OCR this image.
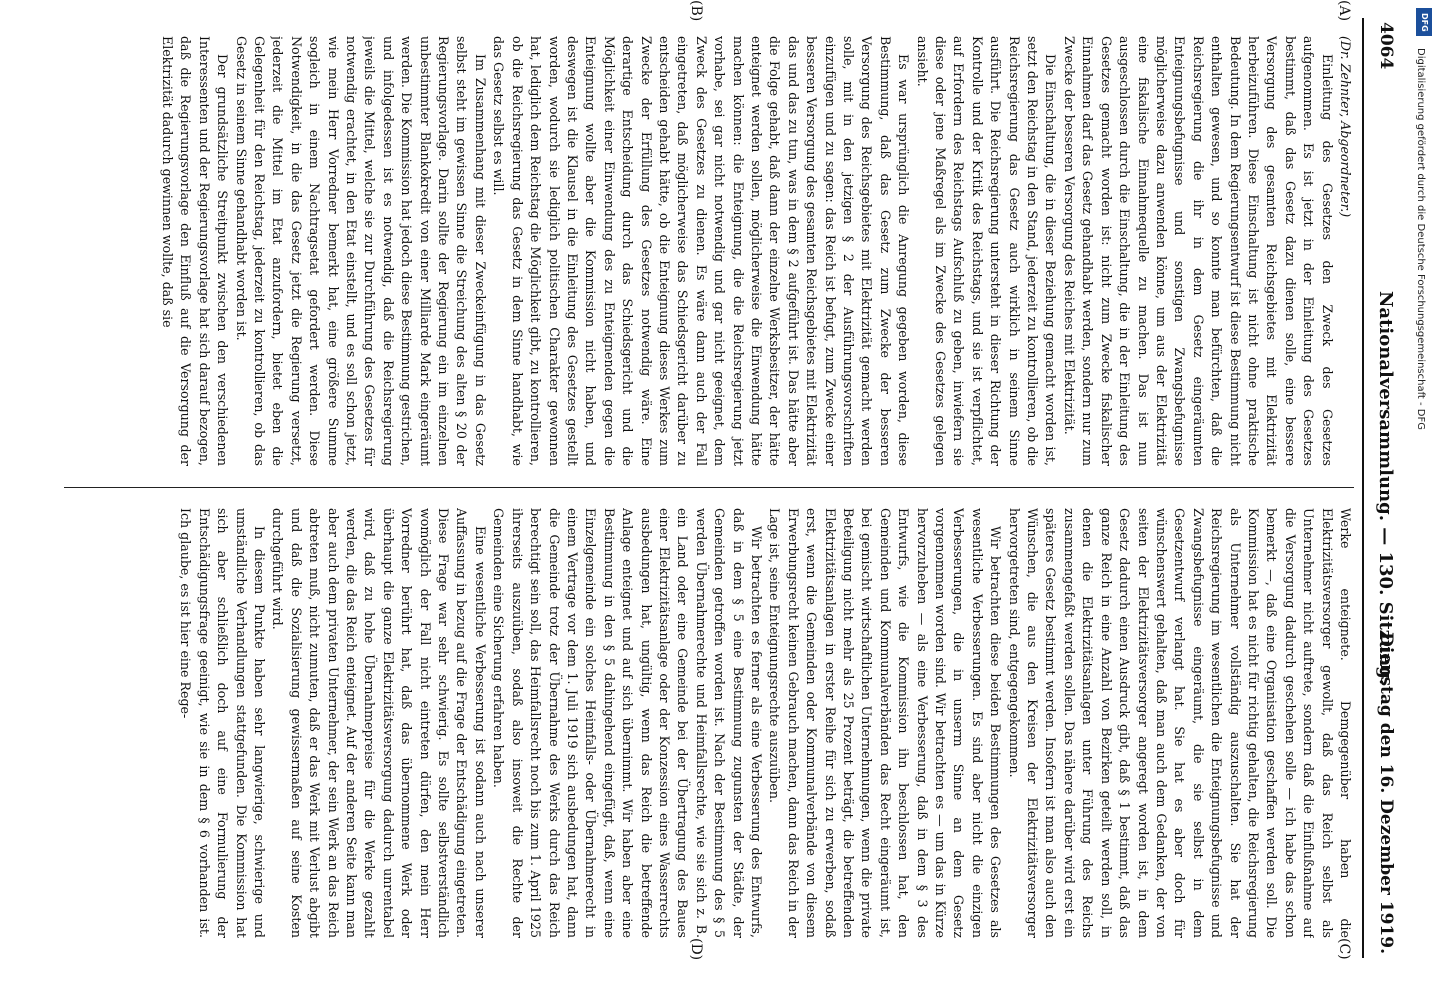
4064
Nationalversammlung. — 130. Sitzung.
Dienstag den 16. Dezember 1919.
(A)
(B)
(C)
(D)

(Dr. Zehnter, Abgeordneter.)

Einleitung des Gesetzes den Zweck des Gesetzes aufgenommen. Es ist jetzt in der Einleitung des Gesetzes bestimmt, daß das Gesetz dazu dienen solle, eine bessere Versorgung des gesamten Reichsgebietes mit Elektrizität herbeizuführen. Diese Einschaltung ist nicht ohne praktische Bedeutung. In dem Regierungsentwurf ist diese Bestimmung nicht enthalten gewesen, und so konnte man befürchten, daß die Reichsregierung die ihr in dem Gesetz eingeräumten Enteignungsbefugnisse und sonstigen Zwangsbefugnisse möglicherweise dazu anwenden könne, um aus der Elektrizität eine fiskalische Einnahmequelle zu machen. Das ist nun ausgeschlossen durch die Einschaltung, die in der Einleitung des Gesetzes gemacht worden ist: nicht zum Zwecke fiskalischer Einnahmen darf das Gesetz gehandhabt werden, sondern nur zum Zwecke der besseren Versorgung des Reiches mit Elektrizität.

Die Einschaltung, die in dieser Beziehung gemacht worden ist, setzt den Reichstag in den Stand, jederzeit zu kontrollieren, ob die Reichsregierung das Gesetz auch wirklich in seinem Sinne ausführt. Die Reichsregierung untersteht in dieser Richtung der Kontrolle und der Kritik des Reichstags, und sie ist verpflichtet, auf Erfordern des Reichstags Aufschluß zu geben, inwiefern sie diese oder jene Maßregel als im Zwecke des Gesetzes gelegen ansieht.

Es war ursprünglich die Anregung gegeben worden, diese Bestimmung, daß das Gesetz zum Zwecke der besseren Versorgung des Reichsgebietes mit Elektrizität gemacht werden solle, mit in den jetzigen § 2 der Ausführungsvorschriften einzufügen und zu sagen: das Reich ist befugt, zum Zwecke einer besseren Versorgung des gesamten Reichsgebietes mit Elektrizität das und das zu tun, was in dem § 2 aufgeführt ist. Das hätte aber die Folge gehabt, daß dann der einzelne Werksbesitzer, der hätte enteignet werden sollen, möglicherweise die Einwendung hätte machen können: die Enteignung, die die Reichsregierung jetzt vorhabe, sei gar nicht notwendig und gar nicht geeignet, dem Zweck des Gesetzes zu dienen. Es wäre dann auch der Fall eingetreten, daß möglicherweise das Schiedsgericht darüber zu entscheiden gehabt hätte, ob die Enteignung dieses Werkes zum Zwecke der Erfüllung des Gesetzes notwendig wäre. Eine derartige Entscheidung durch das Schiedsgericht und die Möglichkeit einer Einwendung des zu Enteignenden gegen die Enteignung wollte aber die Kommission nicht haben, und deswegen ist die Klausel in die Einleitung des Gesetzes gestellt worden, wodurch sie lediglich politischen Charakter gewonnen hat, lediglich dem Reichstag die Möglichkeit gibt, zu kontrollieren, ob die Reichsregierung das Gesetz in dem Sinne handhabt, wie das Gesetz selbst es will.

Im Zusammenhang mit dieser Zweckeinfügung in das Gesetz selbst steht im gewissen Sinne die Streichung des alten § 20 der Regierungsvorlage. Darin sollte der Regierung ein im einzelnen unbestimmter Blankokredit von einer Milliarde Mark eingeräumt werden. Die Kommission hat jedoch diese Bestimmung gestrichen, und infolgedessen ist es notwendig, daß die Reichsregierung jeweils die Mittel, welche sie zur Durchführung des Gesetzes für notwendig erachtet, in den Etat einstellt, und es soll schon jetzt, wie mein Herr Vorredner bemerkt hat, eine größere Summe sogleich in einem Nachtragsetat gefordert werden. Diese Notwendigkeit, in die das Gesetz jetzt die Regierung versetzt, jederzeit die Mittel im Etat anzufordern, bietet eben die Gelegenheit für den Reichstag, jederzeit zu kontrollieren, ob das Gesetz in seinem Sinne gehandhabt worden ist.

Der grundsätzliche Streitpunkt zwischen den verschiedenen Interessenten und der Regierungsvorlage hat sich darauf bezogen, daß die Regierungsvorlage den Einfluß auf die Versorgung der Elektrizität dadurch gewinnen wollte, daß sie

Werke enteignete. Demgegenüber haben die Elektrizitätsversorger gewollt, daß das Reich selbst als Unternehmer nicht auftrete, sondern daß die Einflußnahme auf die Versorgung dadurch geschehen solle — ich habe das schon bemerkt —, daß eine Organisation geschaffen werden soll. Die Kommission hat es nicht für richtig gehalten, die Reichsregierung als Unternehmer vollständig auszuschalten. Sie hat der Reichsregierung im wesentlichen die Enteignungsbefugnisse und Zwangsbefugnisse eingeräumt, die sie selbst in dem Gesetzentwurf verlangt hat. Sie hat es aber doch für wünschenswert gehalten, daß man auch dem Gedanken, der von seiten der Elektrizitätsversorger angeregt worden ist, in dem Gesetz dadurch einen Ausdruck gibt, daß § 1 bestimmt, daß das ganze Reich in eine Anzahl von Bezirken geteilt werden soll, in denen die Elektrizitätsanlagen unter Führung des Reichs zusammengefaßt werden sollen. Das nähere darüber wird erst ein späteres Gesetz bestimmt werden. Insofern ist man also auch den Wünschen, die aus den Kreisen der Elektrizitätsversorger hervorgetreten sind, entgegengekommen.

Wir betrachten diese beiden Bestimmungen des Gesetzes als wesentliche Verbesserungen. Es sind aber nicht die einzigen Verbesserungen, die in unserm Sinne an dem Gesetz vorgenommen worden sind. Wir betrachten es — um das in Kürze hervorzuheben — als eine Verbesserung, daß in dem § 3 des Entwurfs, wie die Kommission ihn beschlossen hat, den Gemeinden und Kommunalverbänden das Recht eingeräumt ist, bei gemischt wirtschaftlichen Unternehmungen, wenn die private Beteiligung nicht mehr als 25 Prozent beträgt, die betreffenden Elektrizitätsanlagen in erster Reihe für sich zu erwerben, sodaß erst, wenn die Gemeinden oder Kommunalverbände von diesem Erwerbungsrecht keinen Gebrauch machen, dann das Reich in der Lage ist, seine Enteignungsrechte auszuüben.

Wir betrachten es ferner als eine Verbesserung des Entwurfs, daß in dem § 5 eine Bestimmung zugunsten der Städte, der Gemeinden getroffen worden ist. Nach der Bestimmung des § 5 werden Übernahmerechte und Heimfallsrechte, wie sie sich z. B. ein Land oder eine Gemeinde bei der Übertragung des Baues einer Elektrizitätsanlage oder der Konzession eines Wasserrechts ausbedungen hat, ungültig, wenn das Reich die betreffende Anlage enteignet und auf sich übernimmt. Wir haben aber eine Bestimmung in den § 5 dahingehend eingefügt, daß, wenn eine Einzelgemeinde ein solches Heimfalls- oder Übernahmerecht in einem Vertrage vor dem 1. Juli 1919 sich ausbedungen hat, dann die Gemeinde trotz der Übernahme des Werks durch das Reich berechtigt sein soll, das Heimfallsrecht noch bis zum 1. April 1925 ihrerseits auszuüben, sodaß also insoweit die Rechte der Gemeinden eine Sicherung erfahren haben.

Eine wesentliche Verbesserung ist sodann auch nach unserer Auffassung in bezug auf die Frage der Entschädigung eingetreten. Diese Frage war sehr schwierig. Es sollte selbstverständlich womöglich der Fall nicht eintreten dürfen, den mein Herr Vorredner berührt hat, daß das übernommene Werk oder überhaupt die ganze Elektrizitätsversorgung dadurch unrentabel wird, daß zu hohe Übernahmepreise für die Werke gezahlt werden, die das Reich enteignet. Auf der anderen Seite kann man aber auch dem privaten Unternehmer, der sein Werk an das Reich abtreten muß, nicht zumuten, daß er das Werk mit Verlust abgibt und daß die Sozialisierung gewissermaßen auf seine Kosten durchgeführt wird.

In diesem Punkte haben sehr langwierige, schwierige und umständliche Verhandlungen stattgefunden. Die Kommission hat sich aber schließlich doch auf eine Formulierung der Entschädigungsfrage geeinigt, wie sie in dem § 6 vorhanden ist. Ich glaube, es ist hier eine Rege-

DFG
Digitalisierung gefördert durch die Deutsche Forschungsgemeinschaft - DFG
